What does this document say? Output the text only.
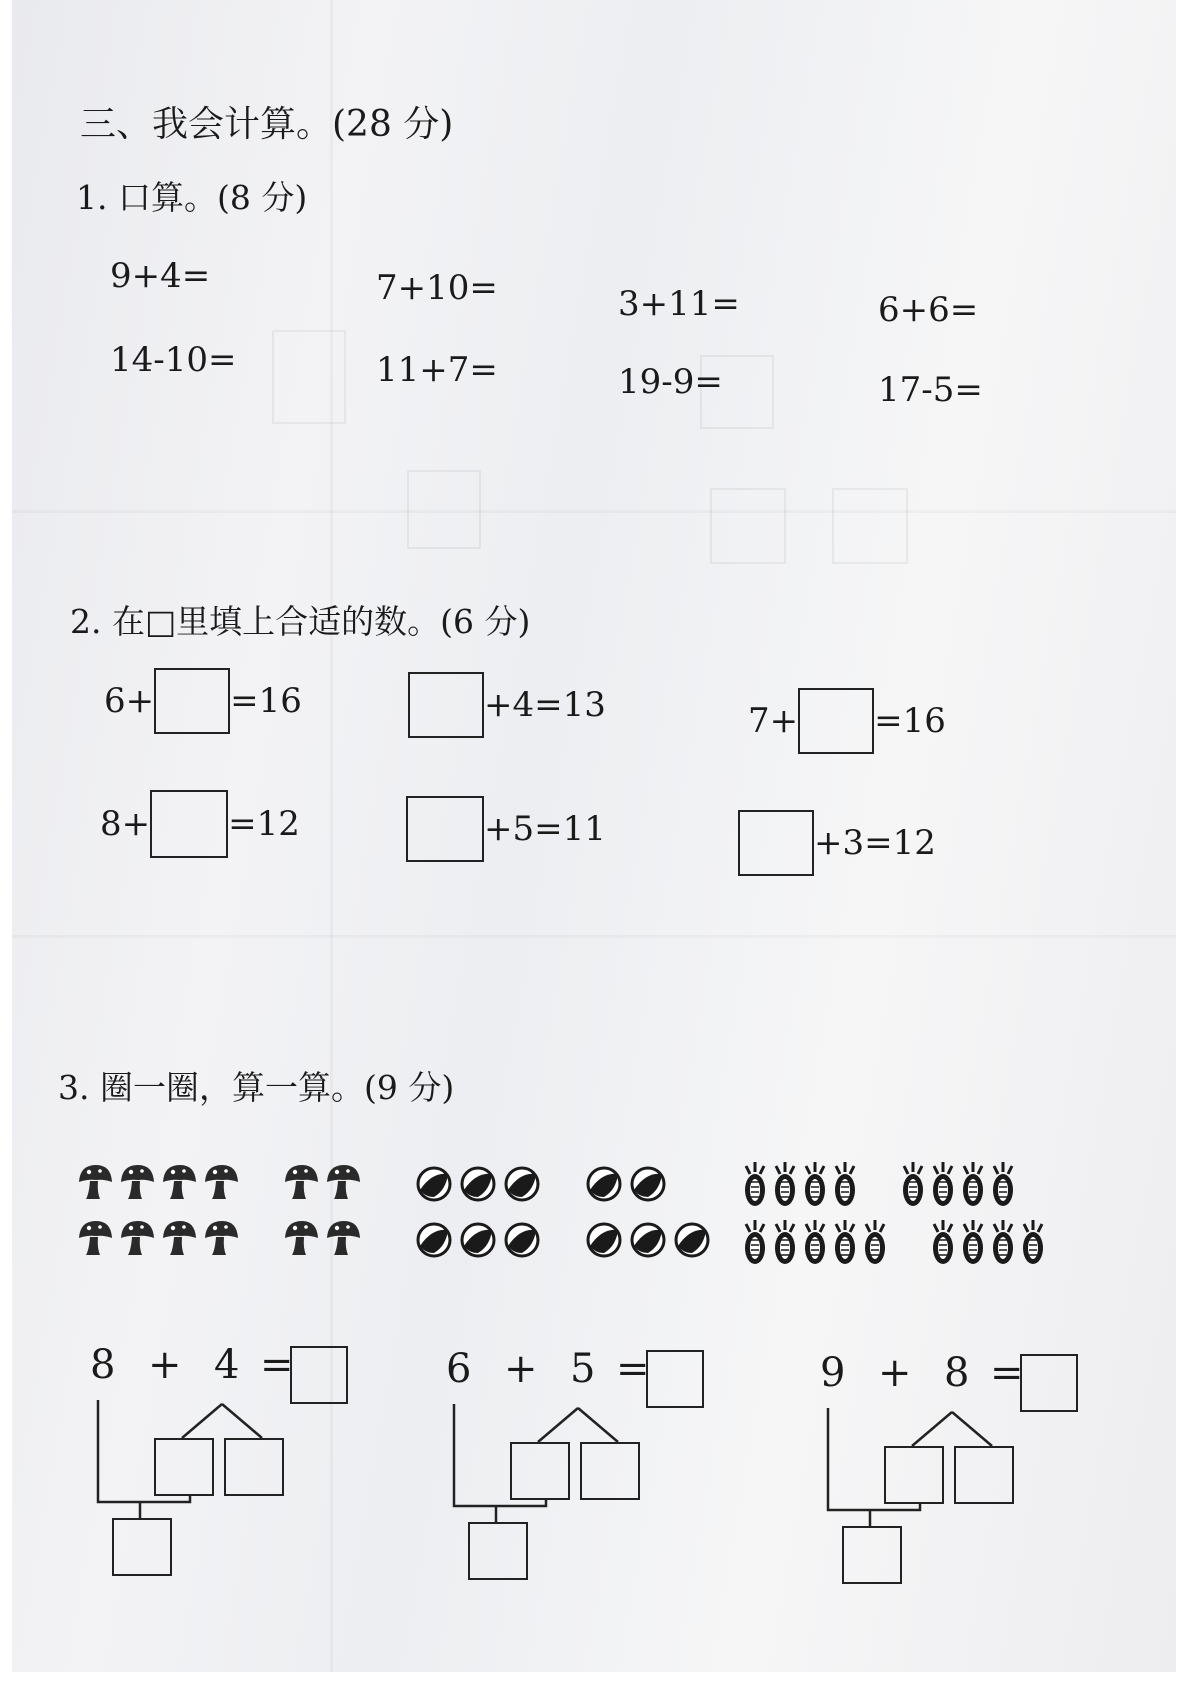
三、我会计算。(28 分)
1. 口算。(8 分)
9+4=	7+10=	3+11=	6+6=
14-10=	11+7=	19-9=	17-5=
2. 在□里填上合适的数。(6 分)
6+ =16	+4=13	7+ =16
8+ =12	+5=11	+3=12
3. 圈一圈，算一算。(9 分)
8 + 4 =	6 + 5 =	9 + 8 =
